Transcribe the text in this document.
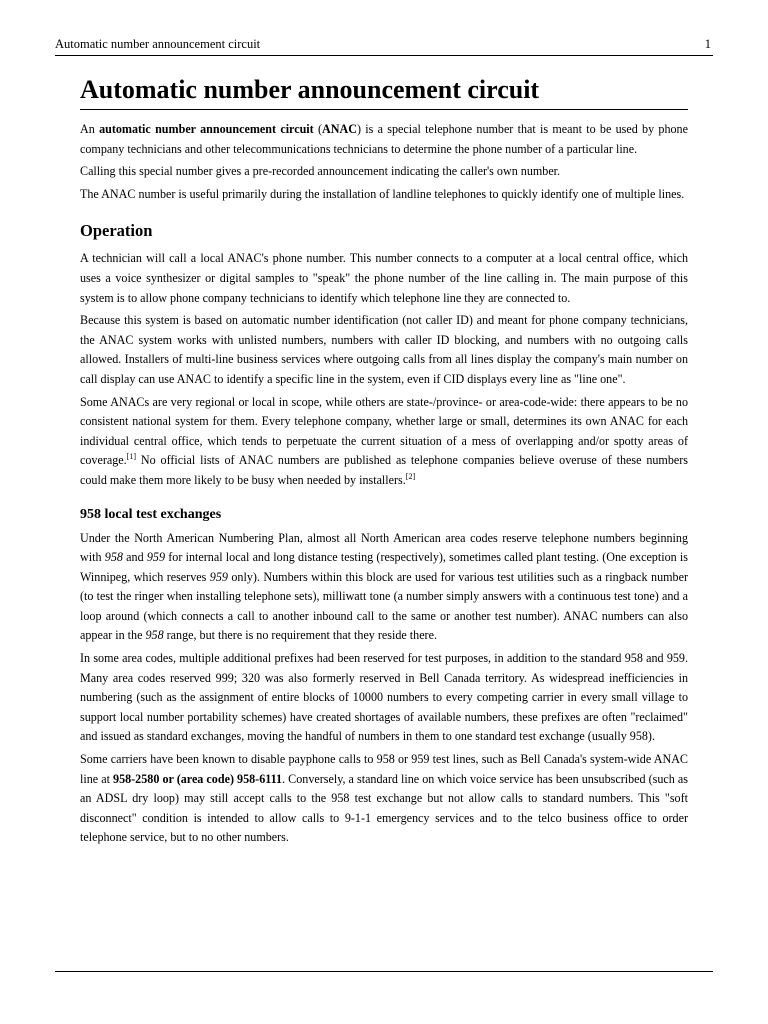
Automatic number announcement circuit	1
Automatic number announcement circuit

An automatic number announcement circuit (ANAC) is a special telephone number that is meant to be used by phone company technicians and other telecommunications technicians to determine the phone number of a particular line.

Calling this special number gives a pre-recorded announcement indicating the caller's own number.

The ANAC number is useful primarily during the installation of landline telephones to quickly identify one of multiple lines.

Operation

A technician will call a local ANAC's phone number. This number connects to a computer at a local central office, which uses a voice synthesizer or digital samples to "speak" the phone number of the line calling in. The main purpose of this system is to allow phone company technicians to identify which telephone line they are connected to.

Because this system is based on automatic number identification (not caller ID) and meant for phone company technicians, the ANAC system works with unlisted numbers, numbers with caller ID blocking, and numbers with no outgoing calls allowed. Installers of multi-line business services where outgoing calls from all lines display the company's main number on call display can use ANAC to identify a specific line in the system, even if CID displays every line as "line one".

Some ANACs are very regional or local in scope, while others are state-/province- or area-code-wide: there appears to be no consistent national system for them. Every telephone company, whether large or small, determines its own ANAC for each individual central office, which tends to perpetuate the current situation of a mess of overlapping and/or spotty areas of coverage.[1] No official lists of ANAC numbers are published as telephone companies believe overuse of these numbers could make them more likely to be busy when needed by installers.[2]

958 local test exchanges

Under the North American Numbering Plan, almost all North American area codes reserve telephone numbers beginning with 958 and 959 for internal local and long distance testing (respectively), sometimes called plant testing. (One exception is Winnipeg, which reserves 959 only). Numbers within this block are used for various test utilities such as a ringback number (to test the ringer when installing telephone sets), milliwatt tone (a number simply answers with a continuous test tone) and a loop around (which connects a call to another inbound call to the same or another test number). ANAC numbers can also appear in the 958 range, but there is no requirement that they reside there.

In some area codes, multiple additional prefixes had been reserved for test purposes, in addition to the standard 958 and 959. Many area codes reserved 999; 320 was also formerly reserved in Bell Canada territory. As widespread inefficiencies in numbering (such as the assignment of entire blocks of 10000 numbers to every competing carrier in every small village to support local number portability schemes) have created shortages of available numbers, these prefixes are often "reclaimed" and issued as standard exchanges, moving the handful of numbers in them to one standard test exchange (usually 958).

Some carriers have been known to disable payphone calls to 958 or 959 test lines, such as Bell Canada's system-wide ANAC line at 958-2580 or (area code) 958-6111. Conversely, a standard line on which voice service has been unsubscribed (such as an ADSL dry loop) may still accept calls to the 958 test exchange but not allow calls to standard numbers. This "soft disconnect" condition is intended to allow calls to 9-1-1 emergency services and to the telco business office to order telephone service, but to no other numbers.
